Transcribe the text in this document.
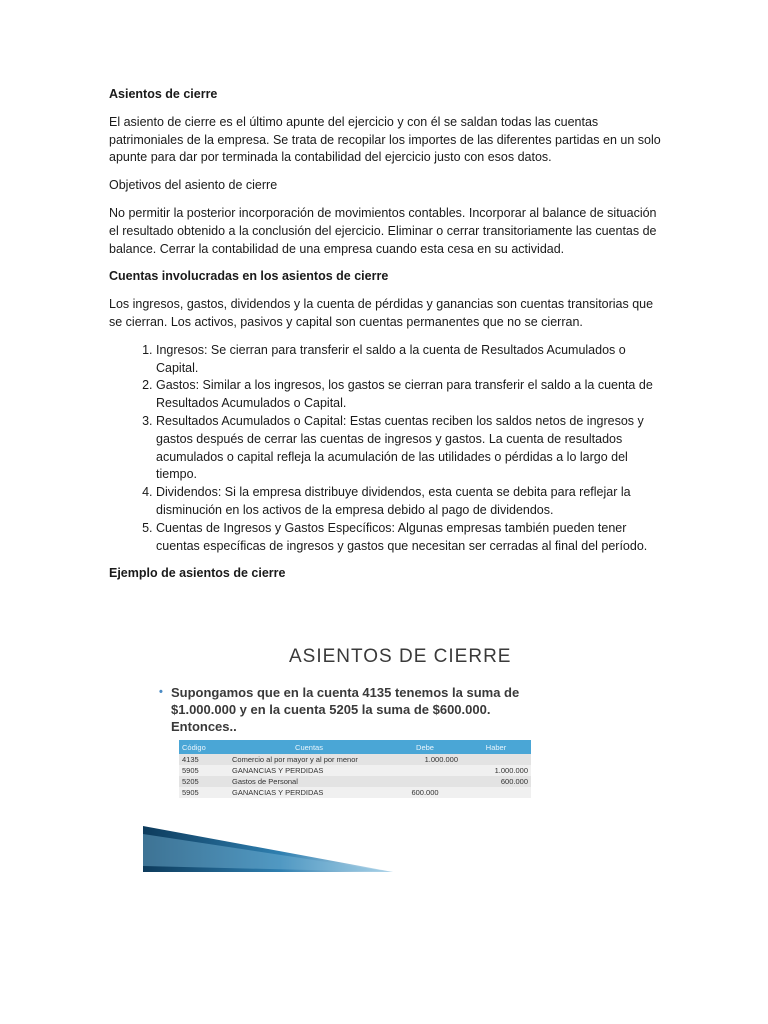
Asientos de cierre

El asiento de cierre es el último apunte del ejercicio y con él se saldan todas las cuentas patrimoniales de la empresa. Se trata de recopilar los importes de las diferentes partidas en un solo apunte para dar por terminada la contabilidad del ejercicio justo con esos datos.

Objetivos del asiento de cierre

No permitir la posterior incorporación de movimientos contables. Incorporar al balance de situación el resultado obtenido a la conclusión del ejercicio. Eliminar o cerrar transitoriamente las cuentas de balance. Cerrar la contabilidad de una empresa cuando esta cesa en su actividad.

Cuentas involucradas en los asientos de cierre

Los ingresos, gastos, dividendos y la cuenta de pérdidas y ganancias son cuentas transitorias que se cierran. Los activos, pasivos y capital son cuentas permanentes que no se cierran.

1. Ingresos: Se cierran para transferir el saldo a la cuenta de Resultados Acumulados o Capital.
2. Gastos: Similar a los ingresos, los gastos se cierran para transferir el saldo a la cuenta de Resultados Acumulados o Capital.
3. Resultados Acumulados o Capital: Estas cuentas reciben los saldos netos de ingresos y gastos después de cerrar las cuentas de ingresos y gastos. La cuenta de resultados acumulados o capital refleja la acumulación de las utilidades o pérdidas a lo largo del tiempo.
4. Dividendos: Si la empresa distribuye dividendos, esta cuenta se debita para reflejar la disminución en los activos de la empresa debido al pago de dividendos.
5. Cuentas de Ingresos y Gastos Específicos: Algunas empresas también pueden tener cuentas específicas de ingresos y gastos que necesitan ser cerradas al final del período.

Ejemplo de asientos de cierre

ASIENTOS DE CIERRE
• Supongamos que en la cuenta 4135 tenemos la suma de $1.000.000 y en la cuenta 5205 la suma de $600.000. Entonces..
Código	Cuentas	Debe	Haber
4135	Comercio al por mayor y al por menor	1.000.000	
5905	GANANCIAS Y PERDIDAS		1.000.000
5205	Gastos de Personal		600.000
5905	GANANCIAS Y PERDIDAS	600.000	
